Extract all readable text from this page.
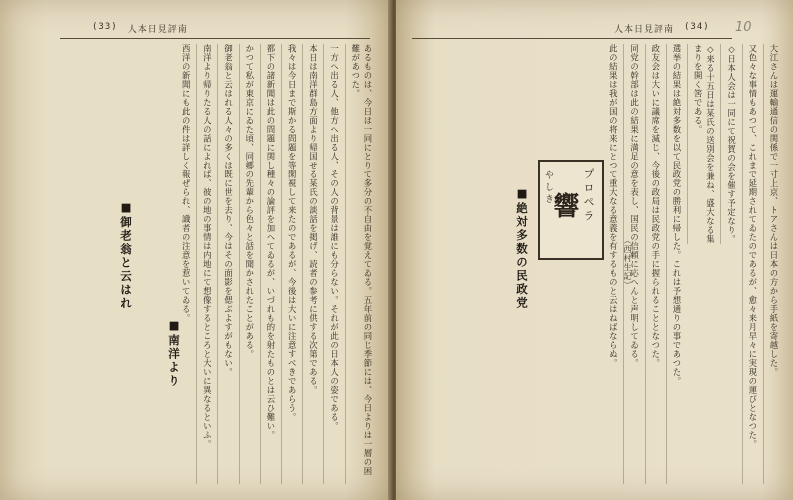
(33) 人本日見評南
あるものは、今日は一同にとりて多分の不自由を覚えてゐる。五年前の同じ季節には、今日よりは一層の困難があつた。
一方へ出る人、他方へ出る人、その人の背景は誰にも分らない。それが此の日本人の姿である。
本日は南洋群島方面より帰国せる某氏の談話を掲げ、読者の参考に供する次第である。
我々は今日まで斯かる問題を等閑視して来たのであるが、今後は大いに注意すべきであらう。
都下の諸新聞は此の問題に関し種々の論評を加へてゐるが、いづれも的を射たものとは云ひ難い。
かつて私が東京にゐた頃、同郷の先輩から色々と話を聞かされたことがある。
御老翁と云はれる人々の多くは既に世を去り、今はその面影を偲ぶよすがもない。
南洋より帰りたる人の話によれば、彼の地の事情は内地にて想像するところと大いに異なるといふ。
西洋の新聞にも此の件は詳しく報ぜられ、識者の注意を惹いてゐる。
■御老翁と云はれ
■南洋より
人本日見評南 (34)
大江さんは運輸通信の関係で一寸上京、トアさんは日本の方から手紙を寄越した。
又色々な事情もあつて、これまで延期されてゐたのであるが、愈々来月早々に実現の運びとなつた。
◇日本人会は一同にて祝賀の会を催す予定なり。
◇来る十五日は某氏の送別会を兼ね、盛大なる集まりを開く筈である。
選挙の結果は絶対多数を以て民政党の勝利に帰した。これは予想通りの事であつた。
政友会は大いに議席を減じ、今後の政局は民政党の手に握られることとなつた。
同党の幹部は此の結果に満足の意を表し、国民の信頼に応へんと声明してゐる。
此の結果は我が国の将来にとつて重大なる意義を有するものと云はねばならぬ。
プロペラ
響
やしき
（西村生記）
■絶対多数の民政党
10
